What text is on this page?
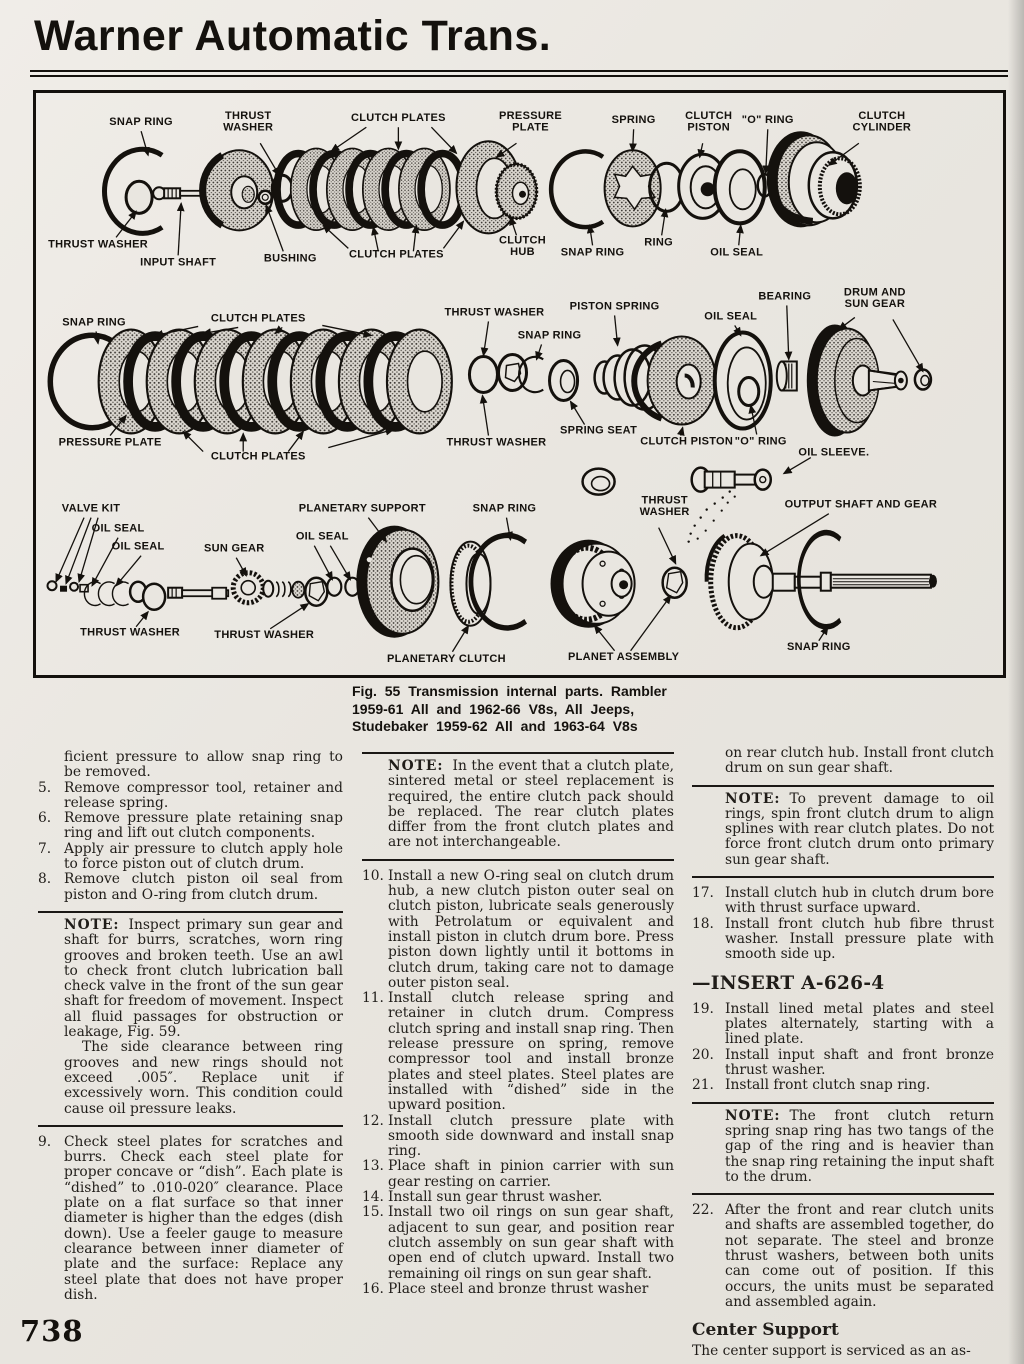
Warner Automatic Trans.
SNAP RING
THRUST WASHER
CLUTCH PLATES	PRESSURE PLATE
SPRING	CLUTCH PISTON
"O" RING	CLUTCH CYLINDER
THRUST WASHER
INPUT SHAFT	BUSHING	CLUTCH PLATES
CLUTCH HUB	SNAP RING
RING
OIL SEAL
SNAP RING	CLUTCH PLATES
THRUST WASHER
SNAP RING
PISTON SPRING
OIL SEAL
BEARING	DRUM AND SUN GEAR
PRESSURE PLATE
CLUTCH PLATES
THRUST WASHER
SPRING SEAT
CLUTCH PISTON "O" RING
OIL SLEEVE.
VALVE KIT
OIL SEAL
OIL SEAL	SUN GEAR
OIL SEAL
PLANETARY SUPPORT	SNAP RING
THRUST WASHER
OUTPUT SHAFT AND GEAR
THRUST WASHER	THRUST WASHER
PLANETARY CLUTCH	PLANET ASSEMBLY
SNAP RING
Fig. 55 Transmission internal parts. Rambler
1959-61 All and 1962-66 V8s, All Jeeps,
Studebaker 1959-62 All and 1963-64 V8s

ficient pressure to allow snap ring to be removed.

5. Remove compressor tool, retainer and release spring.
6. Remove pressure plate retaining snap ring and lift out clutch components.
7. Apply air pressure to clutch apply hole to force piston out of clutch drum.
8. Remove clutch piston oil seal from piston and O-ring from clutch drum.

NOTE: Inspect primary sun gear and shaft for burrs, scratches, worn ring grooves and broken teeth. Use an awl to check front clutch lubrication ball check valve in the front of the sun gear shaft for freedom of movement. Inspect all fluid passages for obstruction or leakage, Fig. 59.

The side clearance between ring grooves and new rings should not exceed .005″. Replace unit if excessively worn. This condition could cause oil pressure leaks.

9. Check steel plates for scratches and burrs. Check each steel plate for proper concave or “dish”. Each plate is “dished” to .010-020″ clearance. Place plate on a flat surface so that inner diameter is higher than the edges (dish down). Use a feeler gauge to measure clearance between inner diameter of plate and the surface: Replace any steel plate that does not have proper dish.

NOTE: In the event that a clutch plate, sintered metal or steel replacement is required, the entire clutch pack should be replaced. The rear clutch plates differ from the front clutch plates and are not interchangeable.

10. Install a new O-ring seal on clutch drum hub, a new clutch piston outer seal on clutch piston, lubricate seals generously with Petrolatum or equivalent and install piston in clutch drum bore. Press piston down lightly until it bottoms in clutch drum, taking care not to damage outer piston seal.
11. Install clutch release spring and retainer in clutch drum. Compress clutch spring and install snap ring. Then release pressure on spring, remove compressor tool and install bronze plates and steel plates. Steel plates are installed with “dished” side in the upward position.
12. Install clutch pressure plate with smooth side downward and install snap ring.
13. Place shaft in pinion carrier with sun gear resting on carrier.
14. Install sun gear thrust washer.
15. Install two oil rings on sun gear shaft, adjacent to sun gear, and position rear clutch assembly on sun gear shaft with open end of clutch upward. Install two remaining oil rings on sun gear shaft.
16. Place steel and bronze thrust washer

on rear clutch hub. Install front clutch drum on sun gear shaft.

NOTE: To prevent damage to oil rings, spin front clutch drum to align splines with rear clutch plates. Do not force front clutch drum onto primary sun gear shaft.

17. Install clutch hub in clutch drum bore with thrust surface upward.
18. Install front clutch hub fibre thrust washer. Install pressure plate with smooth side up.
—INSERT A-626-4
19. Install lined metal plates and steel plates alternately, starting with a lined plate.
20. Install input shaft and front bronze thrust washer.
21. Install front clutch snap ring.

NOTE: The front clutch return spring snap ring has two tangs of the gap of the ring and is heavier than the snap ring retaining the input shaft to the drum.

22. After the front and rear clutch units and shafts are assembled together, do not separate. The steel and bronze thrust washers, between both units can come out of position. If this occurs, the units must be separated and assembled again.
Center Support

The center support is serviced as an as-

738
